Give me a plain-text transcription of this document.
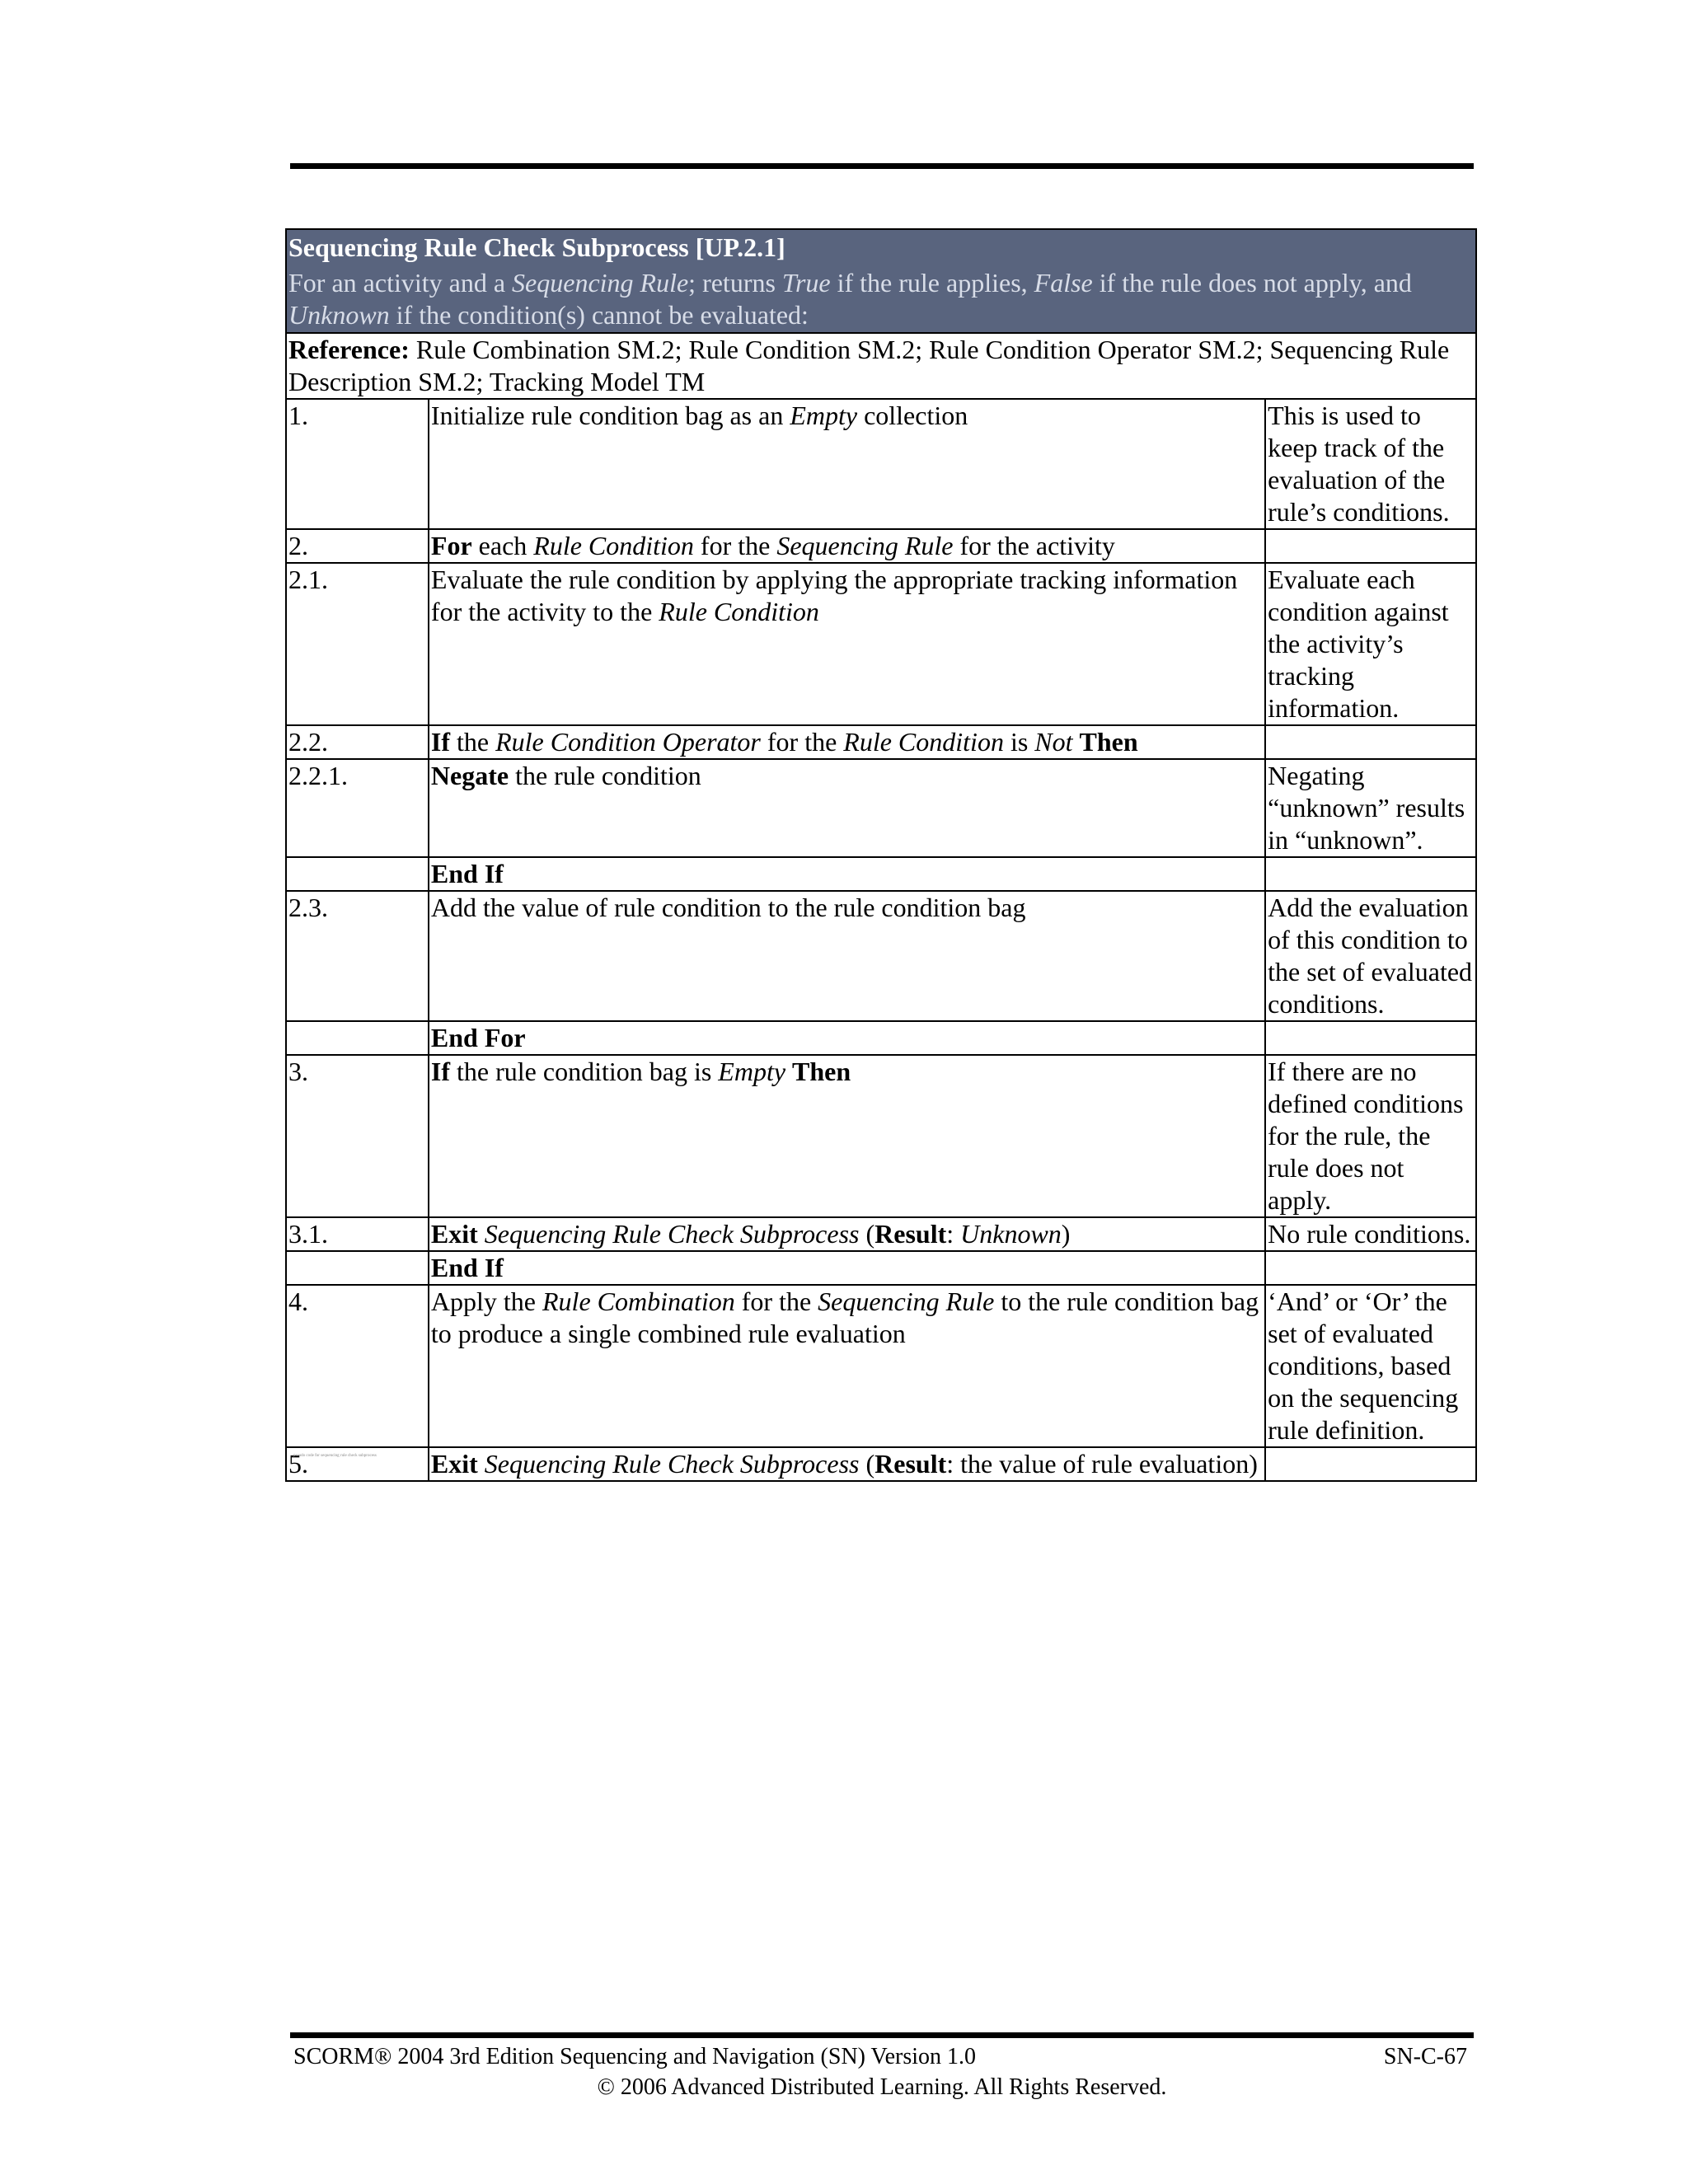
Sequencing Rule Check Subprocess [UP.2.1]
For an activity and a Sequencing Rule; returns True if the rule applies, False if the rule does not apply, and Unknown if the condition(s) cannot be evaluated:		

Reference: Rule Combination SM.2; Rule Condition SM.2; Rule Condition Operator SM.2; Sequencing Rule Description SM.2; Tracking Model TM		
1.	Initialize rule condition bag as an Empty collection	This is used to keep track of the evaluation of the rule’s conditions.
2.	For each Rule Condition for the Sequencing Rule for the activity	
2.1.	Evaluate the rule condition by applying the appropriate tracking information for the activity to the Rule Condition	Evaluate each condition against the activity’s tracking information.
2.2.	If the Rule Condition Operator for the Rule Condition is Not Then	
2.2.1.	Negate the rule condition	Negating “unknown” results in “unknown”.
	End If	
2.3.	Add the value of rule condition to the rule condition bag	Add the evaluation of this condition to the set of evaluated conditions.
	End For	
3.	If the rule condition bag is Empty Then	If there are no defined conditions for the rule, the rule does not apply.
3.1.	Exit Sequencing Rule Check Subprocess (Result: Unknown)	No rule conditions.
	End If	
4.	Apply the Rule Combination for the Sequencing Rule to the rule condition bag to produce a single combined rule evaluation	‘And’ or ‘Or’ the set of evaluated conditions, based on the sequencing rule definition.
5.	Exit Sequencing Rule Check Subprocess (Result: the value of rule evaluation)	
pseudo code for sequencing rule check subprocess
SCORM® 2004 3rd Edition Sequencing and Navigation (SN) Version 1.0	SN-C-67
© 2006 Advanced Distributed Learning. All Rights Reserved.
